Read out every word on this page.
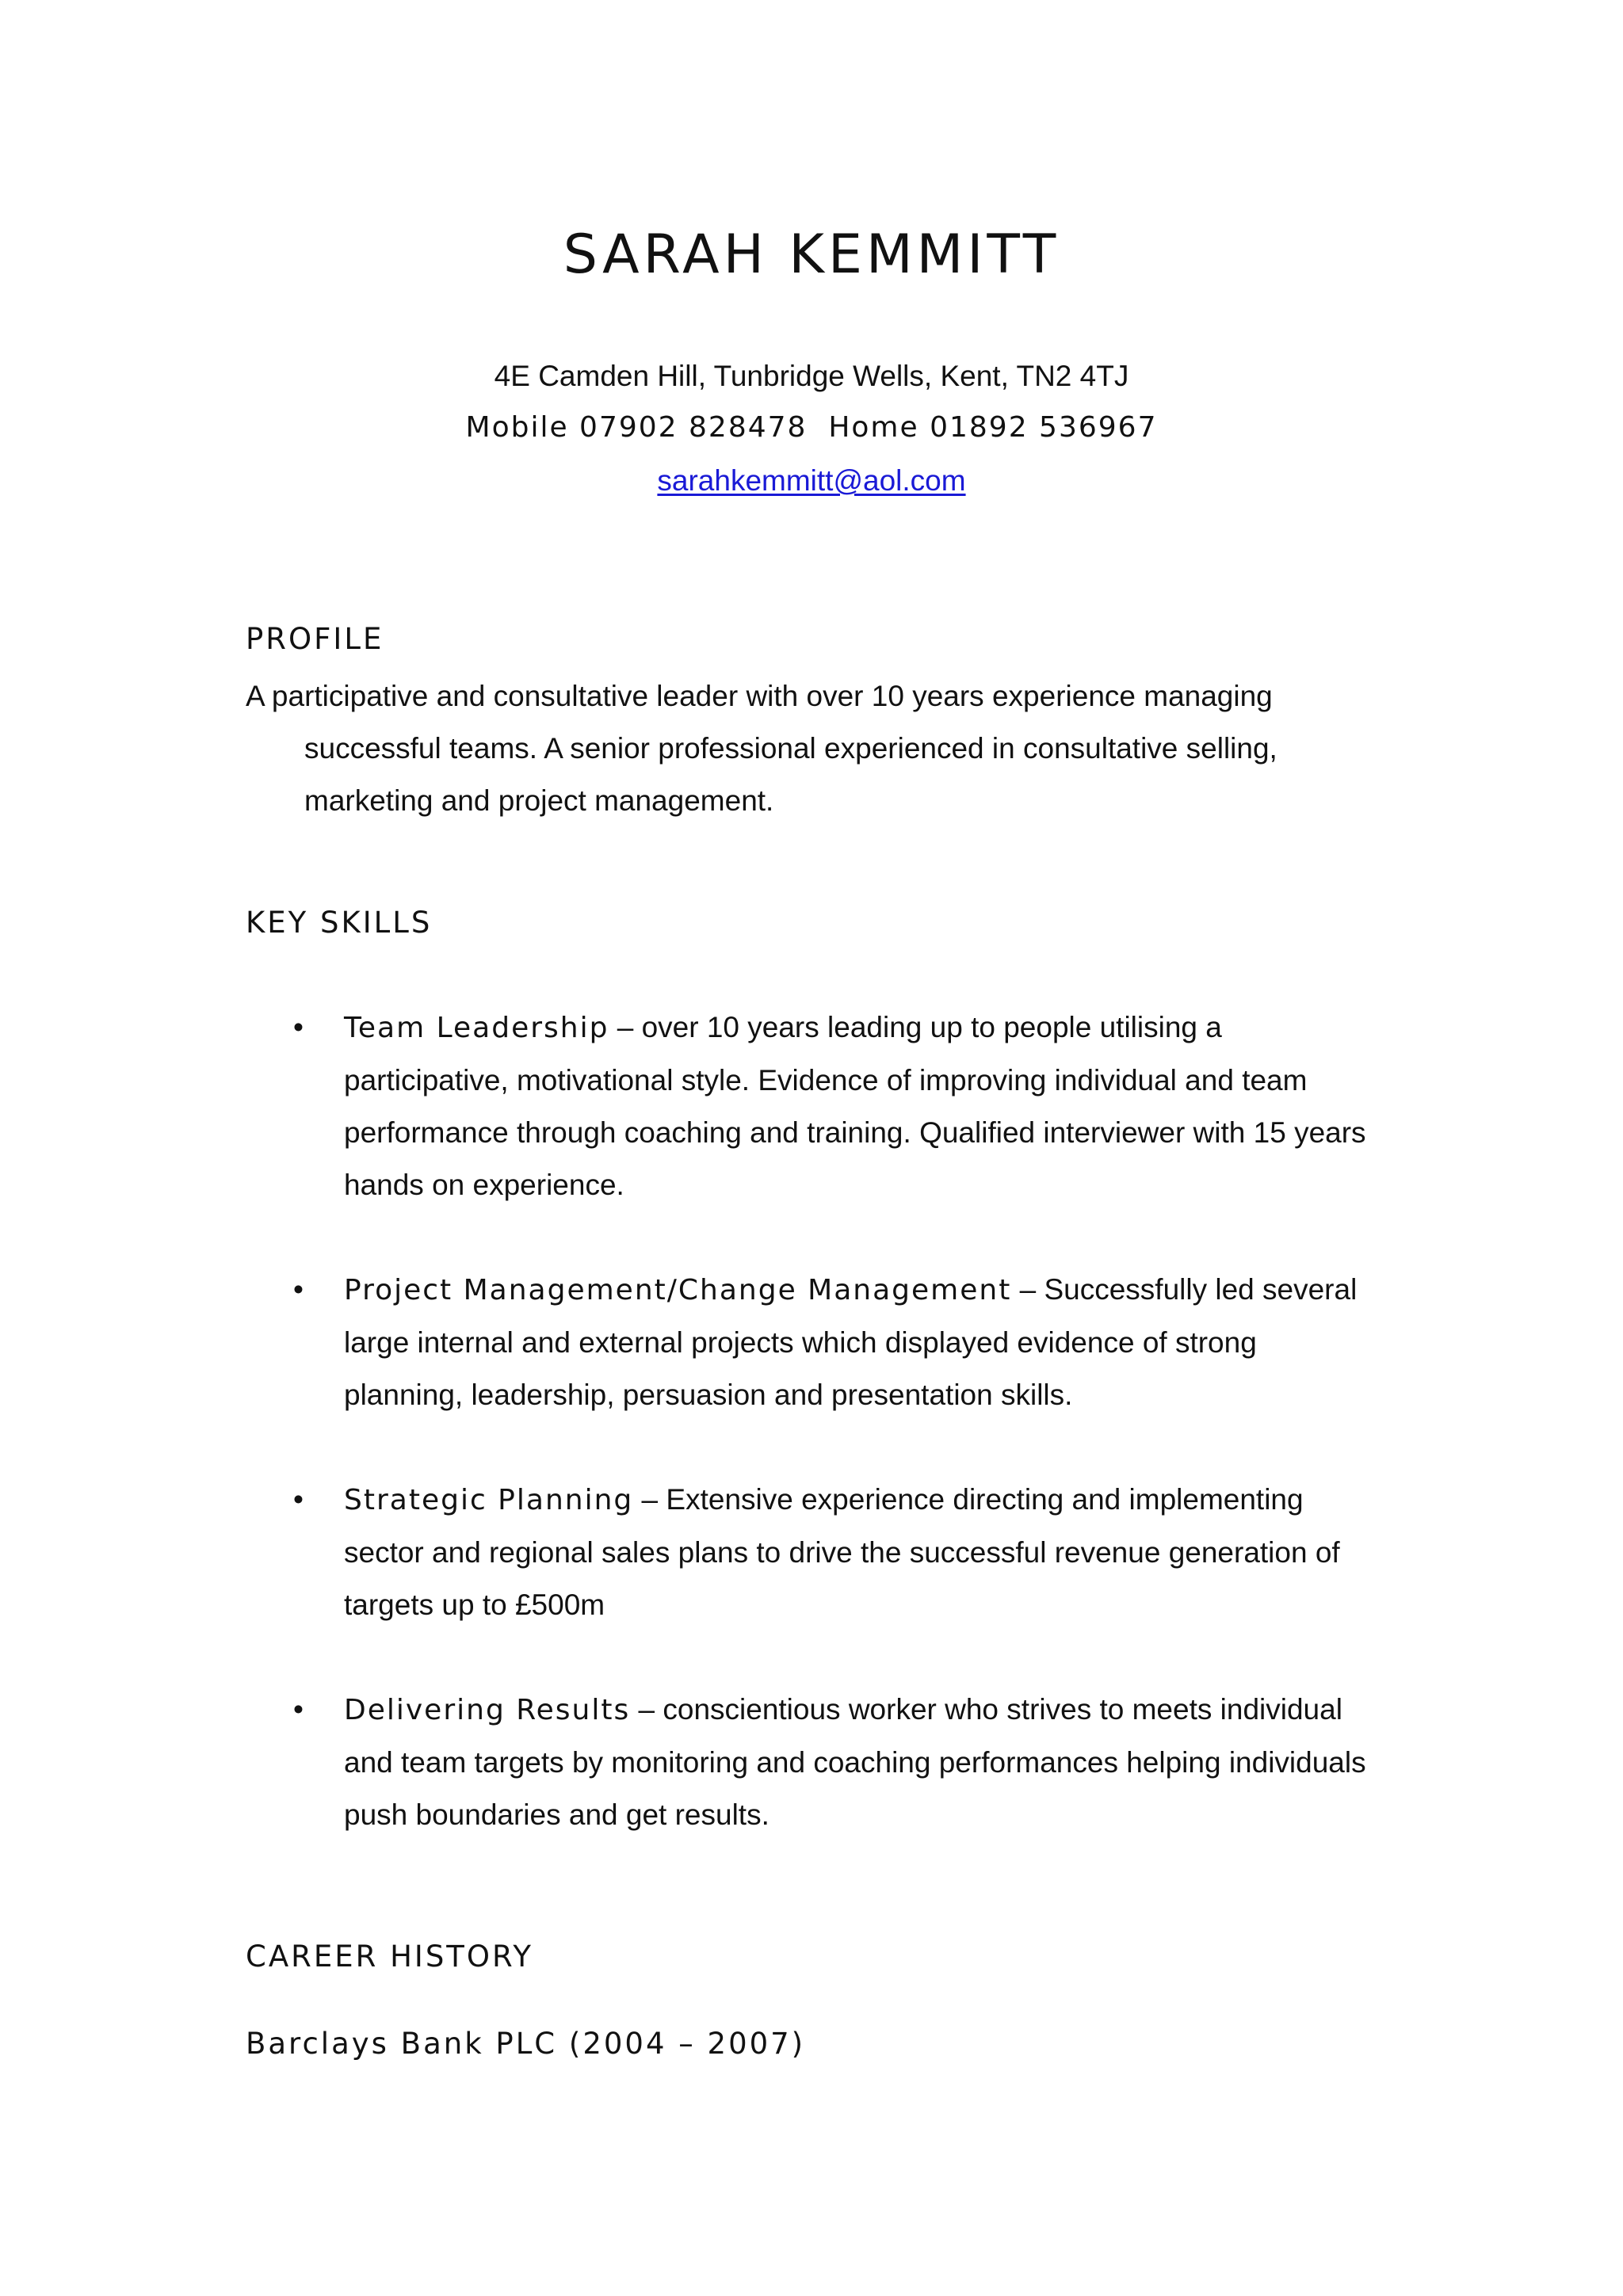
SARAH KEMMITT
4E Camden Hill, Tunbridge Wells, Kent, TN2 4TJ
Mobile 07902 828478  Home 01892 536967
sarahkemmitt@aol.com
PROFILE
A participative and consultative leader with over 10 years experience managing successful teams. A senior professional experienced in consultative selling, marketing and project management.
KEY SKILLS
• Team Leadership – over 10 years leading up to people utilising a participative, motivational style. Evidence of improving individual and team performance through coaching and training. Qualified interviewer with 15 years hands on experience.
• Project Management/Change Management – Successfully led several large internal and external projects which displayed evidence of strong planning, leadership, persuasion and presentation skills.
• Strategic Planning – Extensive experience directing and implementing sector and regional sales plans to drive the successful revenue generation of targets up to £500m
• Delivering Results – conscientious worker who strives to meets individual and team targets by monitoring and coaching performances helping individuals push boundaries and get results.
CAREER HISTORY
Barclays Bank PLC (2004 – 2007)
